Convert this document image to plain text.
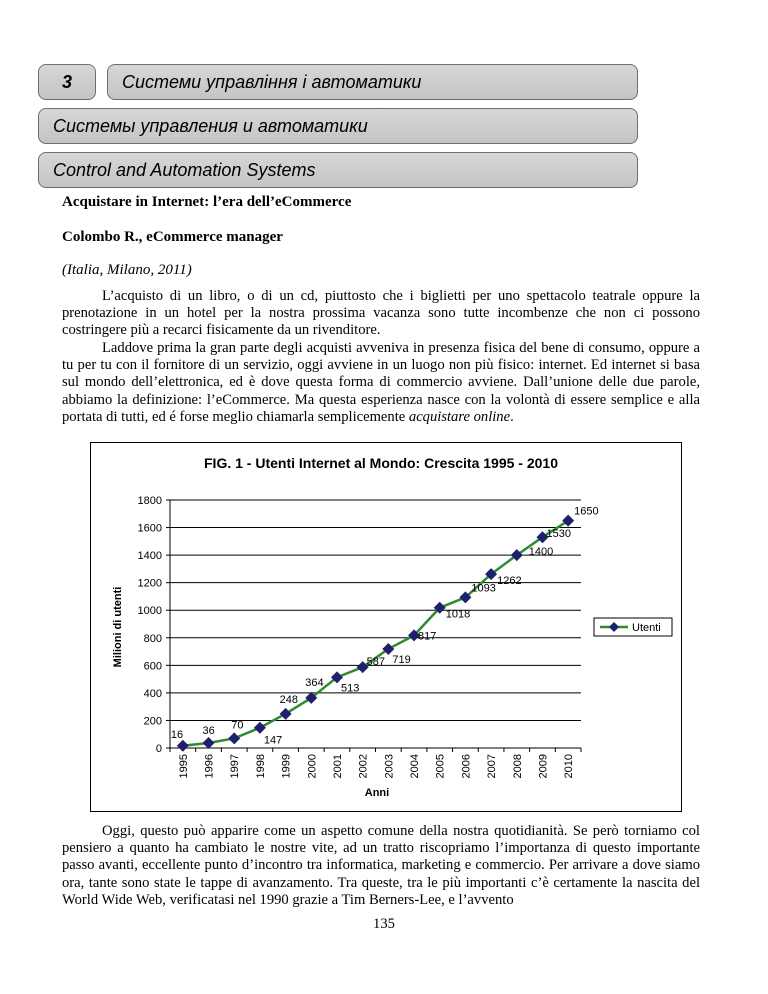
3	Системи управління і автоматики
Системы управления и автоматики
Control and Automation Systems
Acquistare in Internet: l’era dell’eCommerce
Colombo R., eCommerce manager
(Italia, Milano, 2011)
L’acquisto di un libro, o di un cd, piuttosto che i biglietti per uno spettacolo teatrale oppure la prenotazione in un hotel per la nostra prossima vacanza sono tutte incombenze che non ci possono costringere più a recarci fisicamente da un rivenditore.
Laddove prima la gran parte degli acquisti avveniva in presenza fisica del bene di consumo, oppure a tu per tu con il fornitore di un servizio, oggi avviene in un luogo non più fisico: internet. Ed internet si basa sul mondo dell’elettronica, ed è dove questa forma di commercio avviene. Dall’unione delle due parole, abbiamo la definizione: l’eCommerce. Ma questa esperienza nasce con la volontà di essere semplice e alla portata di tutti, ed é forse meglio chiamarla semplicemente acquistare online.
FIG. 1 - Utenti Internet al Mondo: Crescita 1995 - 2010
Milioni di utenti
Anni
0
200
400
600
800
1000
1200
1400
1600
1800
1995 1996 1997 1998 1999 2000 2001 2002 2003 2004 2005 2006 2007 2008 2009 2010
16 36 70
147
248
364 513
587 719
817
1018
1093
1262
1400
1530
1650
Utenti
Oggi, questo può apparire come un aspetto comune della nostra quotidianità. Se però torniamo col pensiero a quanto ha cambiato le nostre vite, ad un tratto riscopriamo l’importanza di questo importante passo avanti, eccellente punto d’incontro tra informatica, marketing e commercio. Per arrivare a dove siamo ora, tante sono state le tappe di avanzamento. Tra queste, tra le più importanti c’è certamente la nascita del World Wide Web, verificatasi nel 1990 grazie a Tim Berners-Lee, e l’avvento
135
